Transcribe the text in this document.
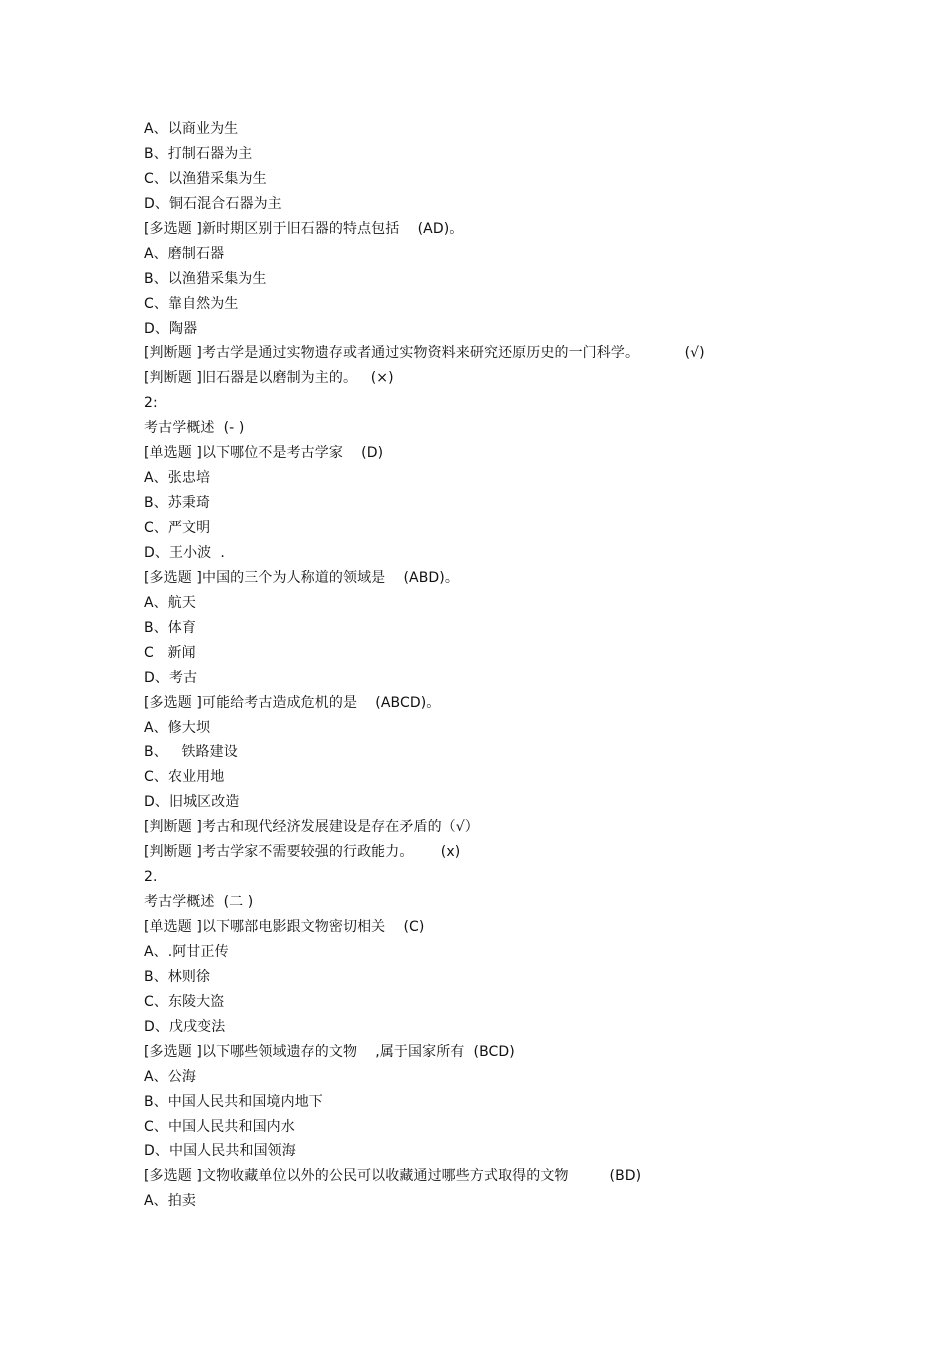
A、以商业为生
B、打制石器为主
C、以渔猎采集为生
D、铜石混合石器为主
[多选题 ]新时期区别于旧石器的特点包括    (AD)。
A、磨制石器
B、以渔猎采集为生
C、靠自然为生
D、陶器
[判断题 ]考古学是通过实物遗存或者通过实物资料来研究还原历史的一门科学。          (√)
[判断题 ]旧石器是以磨制为主的。   (×)
2:
考古学概述  (- )
[单选题 ]以下哪位不是考古学家    (D)
A、张忠培
B、苏秉琦
C、严文明
D、王小波  .
[多选题 ]中国的三个为人称道的领域是    (ABD)。
A、航天
B、体育
C   新闻
D、考古
[多选题 ]可能给考古造成危机的是    (ABCD)。
A、修大坝
B、   铁路建设
C、农业用地
D、旧城区改造
[判断题 ]考古和现代经济发展建设是存在矛盾的（√）
[判断题 ]考古学家不需要较强的行政能力。      (x)
2.
考古学概述  (二 )
[单选题 ]以下哪部电影跟文物密切相关    (C)
A、.阿甘正传
B、林则徐
C、东陵大盗
D、戊戌变法
[多选题 ]以下哪些领域遗存的文物    ,属于国家所有  (BCD)
A、公海
B、中国人民共和国境内地下
C、中国人民共和国内水
D、中国人民共和国领海
[多选题 ]文物收藏单位以外的公民可以收藏通过哪些方式取得的文物         (BD)
A、拍卖
